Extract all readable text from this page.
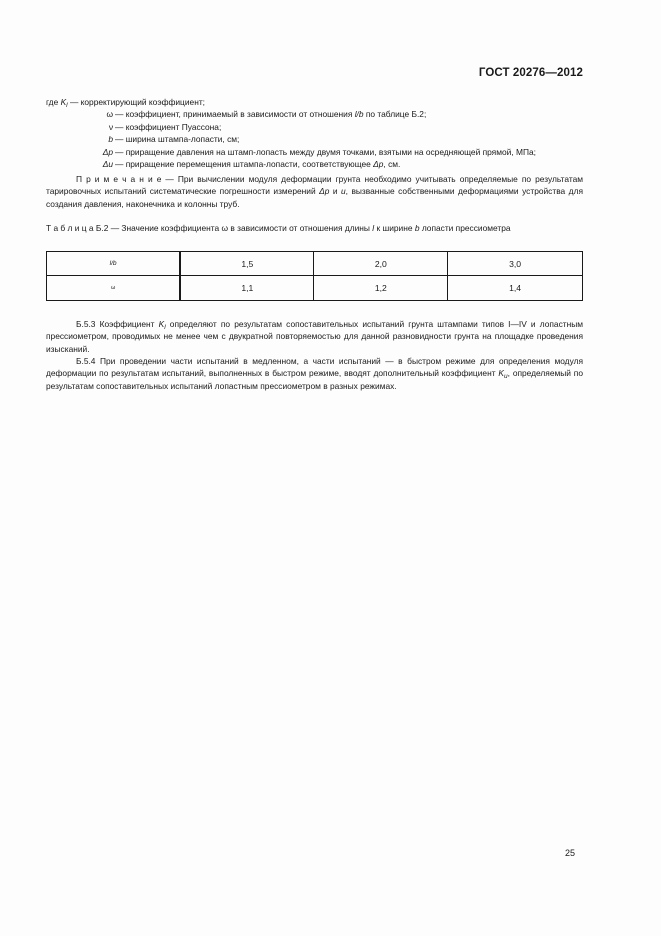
ГОСТ 20276—2012
где $K_l$ — корректирующий коэффициент;
ω — коэффициент, принимаемый в зависимости от отношения l/b по таблице Б.2;
ν — коэффициент Пуассона;
b — ширина штампа-лопасти, см;
Δp — приращение давления на штамп-лопасть между двумя точками, взятыми на осредняющей прямой, МПа;
Δu — приращение перемещения штампа-лопасти, соответствующее Δp, см.
П р и м е ч а н и е — При вычислении модуля деформации грунта необходимо учитывать определяемые по результатам тарировочных испытаний систематические погрешности измерений Δp и u, вызванные собственными деформациями устройства для создания давления, наконечника и колонны труб.
Т а б л и ц а Б.2 — Значение коэффициента ω в зависимости от отношения длины l к ширине b лопасти прессиометра
l/b	1,5	2,0	3,0
ω	1,1	1,2	1,4
Б.5.3 Коэффициент $K_l$ определяют по результатам сопоставительных испытаний грунта штампами типов I—IV и лопастным прессиометром, проводимых не менее чем с двукратной повторяемостью для данной разновидности грунта на площадке проведения изысканий.
Б.5.4 При проведении части испытаний в медленном, а части испытаний — в быстром режиме для определения модуля деформации по результатам испытаний, выполненных в быстром режиме, вводят дополнительный коэффициент $K_u$, определяемый по результатам сопоставительных испытаний лопастным прессиометром в разных режимах.
25
